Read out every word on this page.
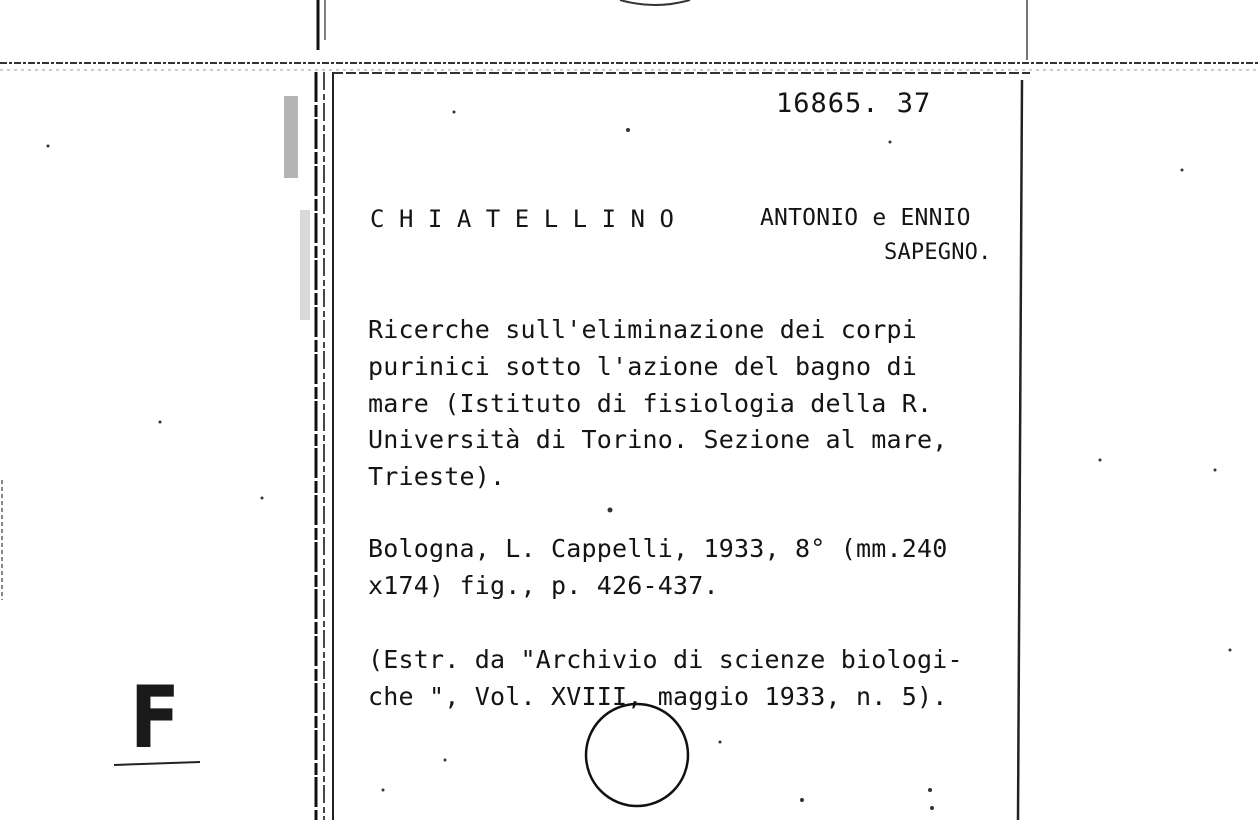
16865. 37
CHIATELLINO	ANTONIO e ENNIO
SAPEGNO.
Ricerche sull'eliminazione dei corpi
purinici sotto l'azione del bagno di
mare (Istituto di fisiologia della R.
Università di Torino. Sezione al mare,
Trieste).
Bologna, L. Cappelli, 1933, 8° (mm.240
x174) fig., p. 426-437.
(Estr. da "Archivio di scienze biologi-
che ", Vol. XVIII, maggio 1933, n. 5).
F
